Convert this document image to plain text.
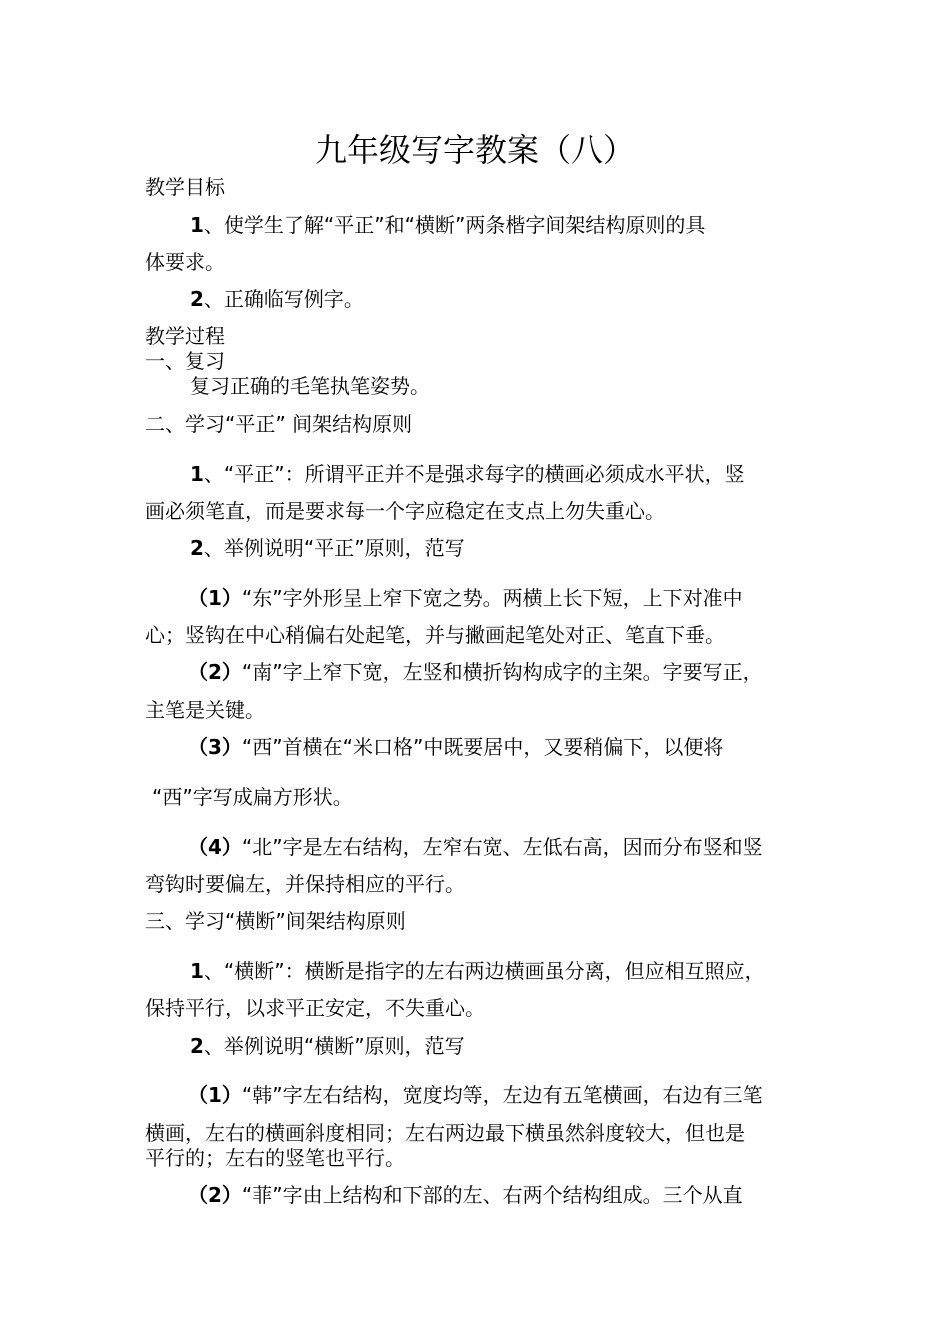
九年级写字教案（八）
教学目标
1、使学生了解“平正”和“横断”两条楷字间架结构原则的具
体要求。
2、正确临写例字。
教学过程
一、复习
复习正确的毛笔执笔姿势。
二、学习“平正” 间架结构原则
1、“平正”：所谓平正并不是强求每字的横画必须成水平状，竖
画必须笔直，而是要求每一个字应稳定在支点上勿失重心。
2、举例说明“平正”原则，范写
（1）“东”字外形呈上窄下宽之势。两横上长下短，上下对准中
心；竖钩在中心稍偏右处起笔，并与撇画起笔处对正、笔直下垂。
（2）“南”字上窄下宽，左竖和横折钩构成字的主架。字要写正，
主笔是关键。
（3）“西”首横在“米口格”中既要居中，又要稍偏下，以便将
“西”字写成扁方形状。
（4）“北”字是左右结构，左窄右宽、左低右高，因而分布竖和竖
弯钩时要偏左，并保持相应的平行。
三、学习“横断”间架结构原则
1、“横断”：横断是指字的左右两边横画虽分离，但应相互照应，
保持平行，以求平正安定，不失重心。
2、举例说明“横断”原则，范写
（1）“韩”字左右结构，宽度均等，左边有五笔横画，右边有三笔
横画，左右的横画斜度相同；左右两边最下横虽然斜度较大，但也是
平行的；左右的竖笔也平行。
（2）“菲”字由上结构和下部的左、右两个结构组成。三个从直
